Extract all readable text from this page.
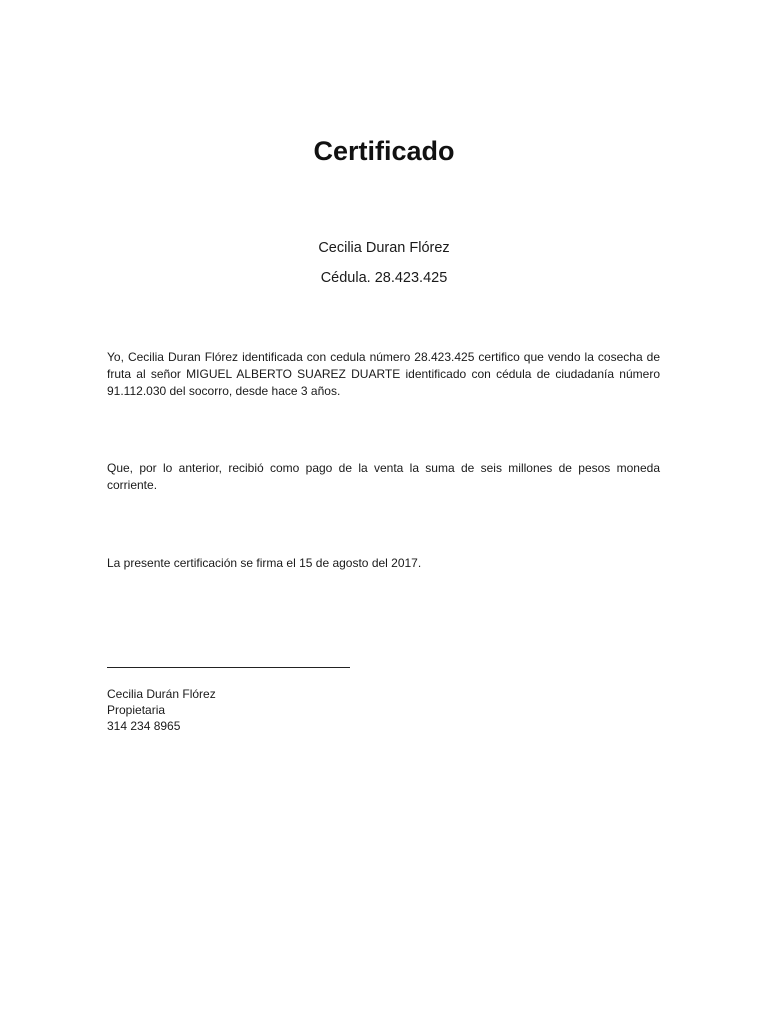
Certificado

Cecilia Duran Flórez

Cédula. 28.423.425

Yo, Cecilia Duran Flórez identificada con cedula número 28.423.425 certifico que vendo la cosecha de fruta al señor MIGUEL ALBERTO SUAREZ DUARTE identificado con cédula de ciudadanía número 91.112.030 del socorro, desde hace 3 años.

Que, por lo anterior, recibió como pago de la venta la suma de seis millones de pesos moneda corriente.

La presente certificación se firma el 15 de agosto del 2017.

Cecilia Durán Flórez
Propietaria
314 234 8965
